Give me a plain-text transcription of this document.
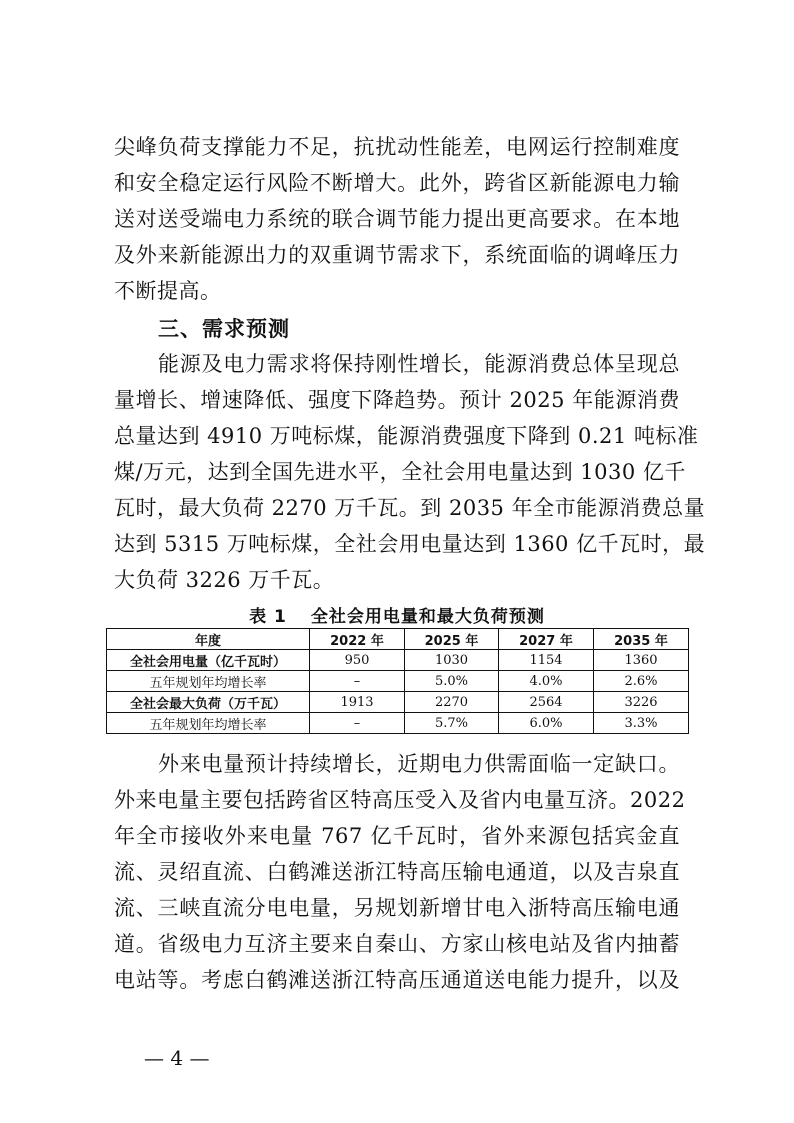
尖峰负荷支撑能力不足，抗扰动性能差，电网运行控制难度
和安全稳定运行风险不断增大。此外，跨省区新能源电力输
送对送受端电力系统的联合调节能力提出更高要求。在本地
及外来新能源出力的双重调节需求下，系统面临的调峰压力
不断提高。
三、需求预测
能源及电力需求将保持刚性增长，能源消费总体呈现总
量增长、增速降低、强度下降趋势。预计 2025 年能源消费
总量达到 4910 万吨标煤，能源消费强度下降到 0.21 吨标准
煤/万元，达到全国先进水平，全社会用电量达到 1030 亿千
瓦时，最大负荷 2270 万千瓦。到 2035 年全市能源消费总量
达到 5315 万吨标煤，全社会用电量达到 1360 亿千瓦时，最
大负荷 3226 万千瓦。
表 1 全社会用电量和最大负荷预测
年度	2022 年	2025 年	2027 年	2035 年
全社会用电量（亿千瓦时）	950	1030	1154	1360
五年规划年均增长率	–	5.0%	4.0%	2.6%
全社会最大负荷（万千瓦）	1913	2270	2564	3226
五年规划年均增长率	–	5.7%	6.0%	3.3%
外来电量预计持续增长，近期电力供需面临一定缺口。
外来电量主要包括跨省区特高压受入及省内电量互济。2022
年全市接收外来电量 767 亿千瓦时，省外来源包括宾金直
流、灵绍直流、白鹤滩送浙江特高压输电通道，以及吉泉直
流、三峡直流分电电量，另规划新增甘电入浙特高压输电通
道。省级电力互济主要来自秦山、方家山核电站及省内抽蓄
电站等。考虑白鹤滩送浙江特高压通道送电能力提升，以及
— 4 —
